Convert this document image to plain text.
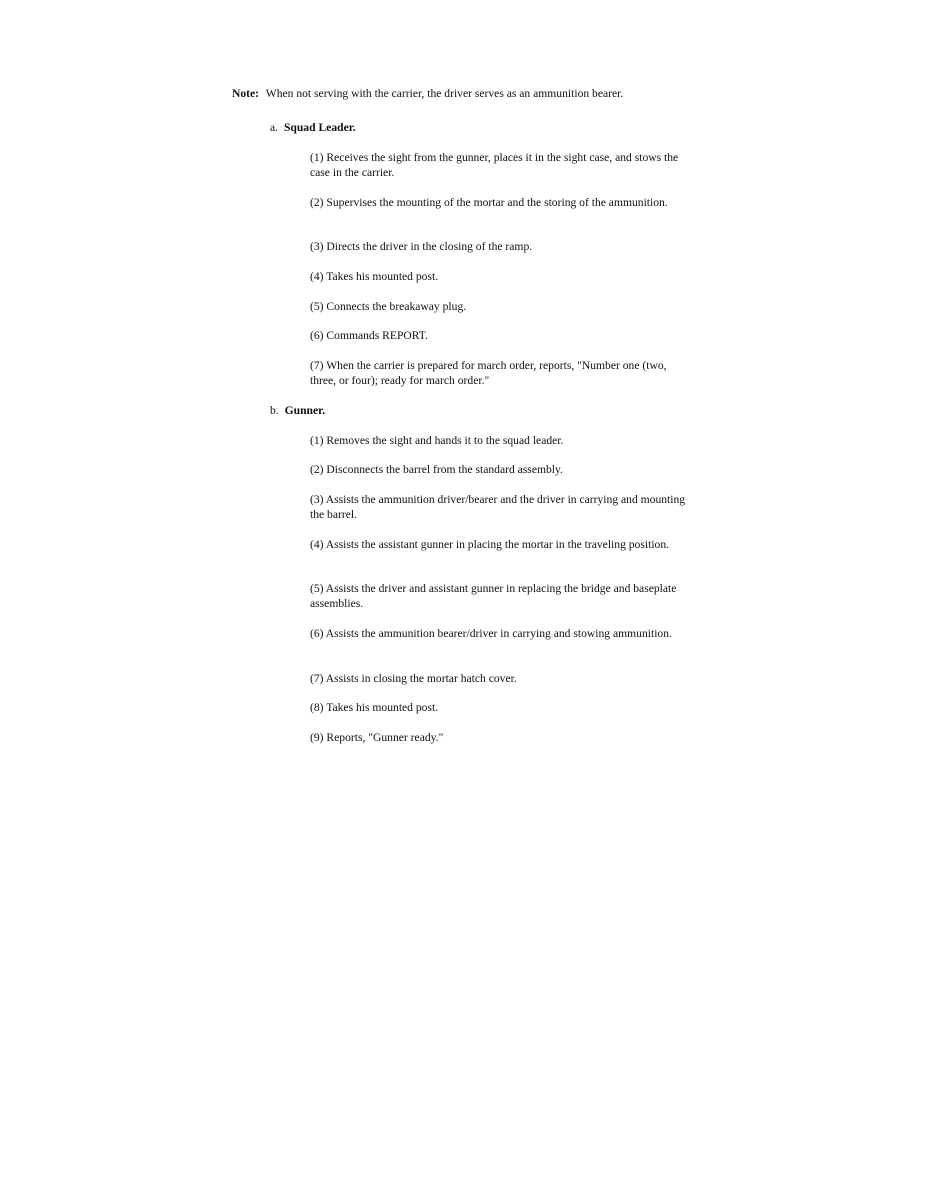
Note: When not serving with the carrier, the driver serves as an ammunition bearer.
a. Squad Leader.
(1) Receives the sight from the gunner, places it in the sight case, and stows the case in the carrier.
(2) Supervises the mounting of the mortar and the storing of the ammunition.
(3) Directs the driver in the closing of the ramp.
(4) Takes his mounted post.
(5) Connects the breakaway plug.
(6) Commands REPORT.
(7) When the carrier is prepared for march order, reports, "Number one (two, three, or four); ready for march order."
b. Gunner.
(1) Removes the sight and hands it to the squad leader.
(2) Disconnects the barrel from the standard assembly.
(3) Assists the ammunition driver/bearer and the driver in carrying and mounting the barrel.
(4) Assists the assistant gunner in placing the mortar in the traveling position.
(5) Assists the driver and assistant gunner in replacing the bridge and baseplate assemblies.
(6) Assists the ammunition bearer/driver in carrying and stowing ammunition.
(7) Assists in closing the mortar hatch cover.
(8) Takes his mounted post.
(9) Reports, "Gunner ready."
